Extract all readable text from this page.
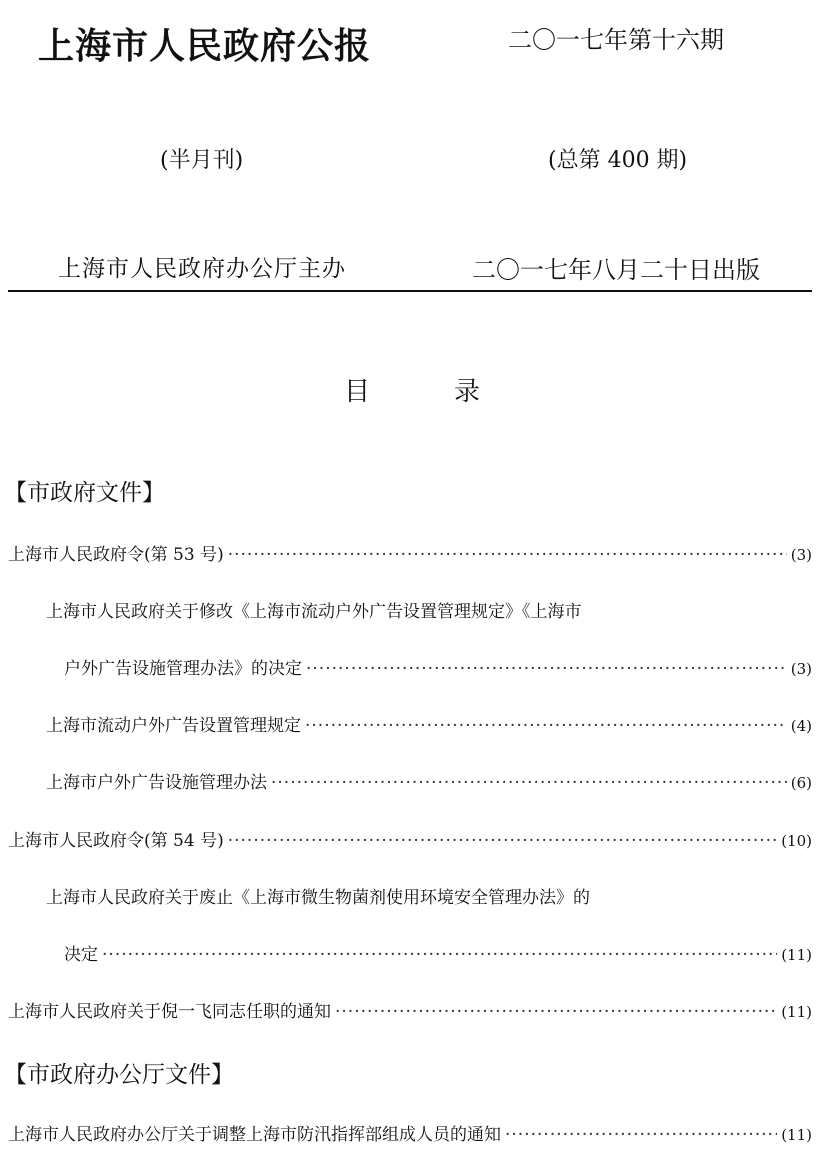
上海市人民政府公报	二〇一七年第十六期
(半月刊)	(总第 400 期)
上海市人民政府办公厅主办	二〇一七年八月二十日出版
目录
【市政府文件】
上海市人民政府令(第 53 号) ·····	(3)
上海市人民政府关于修改《上海市流动户外广告设置管理规定》《上海市
户外广告设施管理办法》的决定 ·····	(3)
上海市流动户外广告设置管理规定 ·····	(4)
上海市户外广告设施管理办法 ·····	(6)
上海市人民政府令(第 54 号) ·····	(10)
上海市人民政府关于废止《上海市微生物菌剂使用环境安全管理办法》的
决定 ·····	(11)
上海市人民政府关于倪一飞同志任职的通知 ·····	(11)
【市政府办公厅文件】
上海市人民政府办公厅关于调整上海市防汛指挥部组成人员的通知 ·····	(11)
